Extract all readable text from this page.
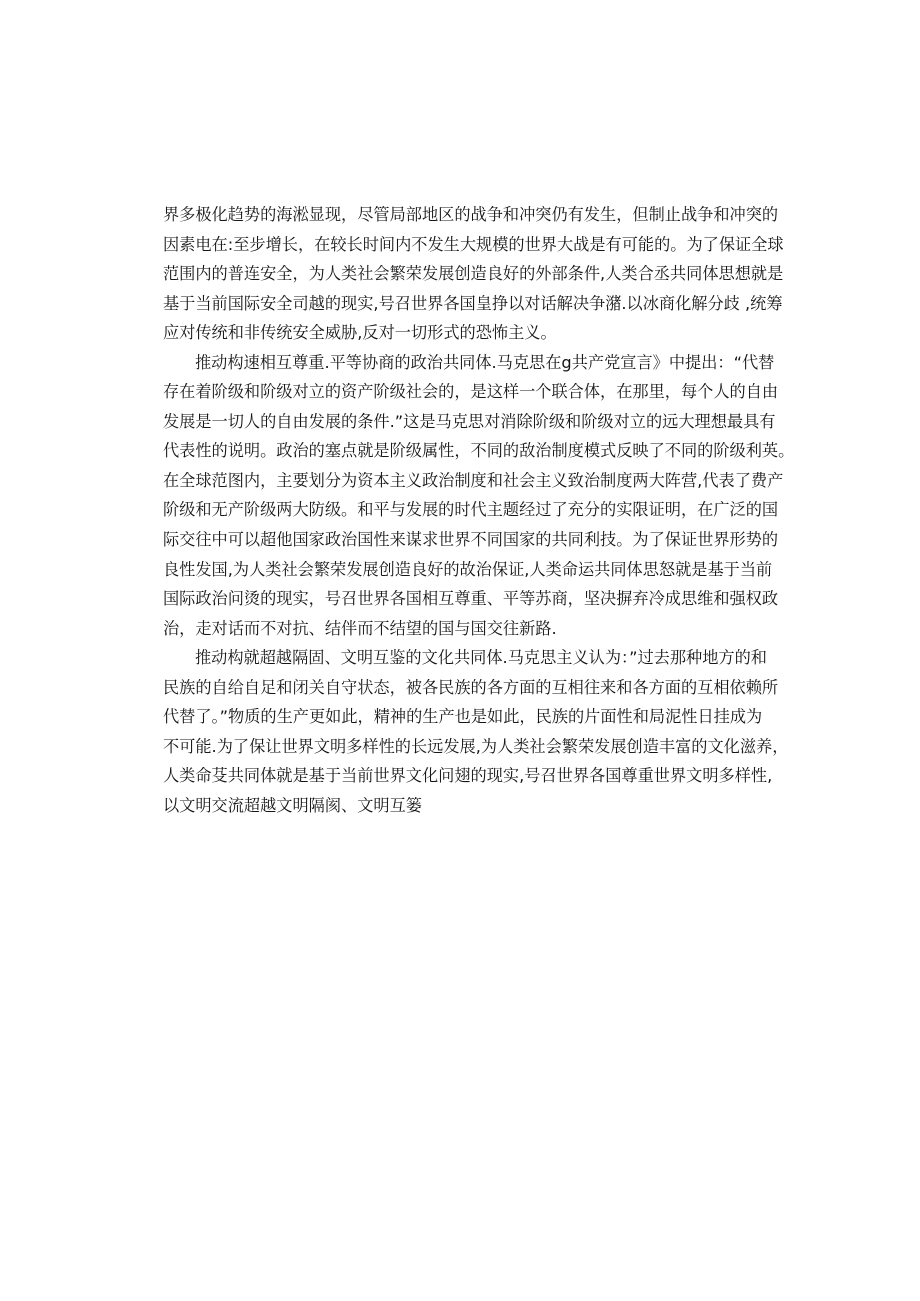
界多极化趋势的海淞显现，尽管局部地区的战争和冲突仍有发生，但制止战争和冲突的
因素电在:至步增长，在较长时间内不发生大规模的世界大战是有可能的。为了保证全球
范围内的普连安全，为人类社会繁荣发展创造良好的外部条件,人类合丞共同体思想就是
基于当前国际安全司越的现实,号召世界各国皇挣以对话解决争潴.以冰商化解分歧 ,统筹
应对传统和非传统安全威胁,反对一切形式的恐怖主义。
推动构速相互尊重.平等协商的政治共同体.马克思在g共产党宣言》中提出：“代替
存在着阶级和阶级对立的资产阶级社会的，是这样一个联合体，在那里，每个人的自由
发展是一切人的自由发展的条件.”这是马克思对消除阶级和阶级对立的远大理想最具有
代表性的说明。政治的塞点就是阶级属性，不同的敌治制度模式反映了不同的阶级利英。
在全球范图内，主要划分为资本主义政治制度和社会主义致治制度两大阵营,代表了费产
阶级和无产阶级两大防级。和平与发展的时代主题经过了充分的实限证明，在广泛的国
际交往中可以超他国家政治国性来谋求世界不同国家的共同利技。为了保证世界形势的
良性发国,为人类社会繁荣发展创造良好的故治保证,人类命运共同体思怒就是基于当前
国际政治问烫的现实，号召世界各国相互尊重、平等苏商，坚决摒弃冷成思维和强权政
治，走对话而不对抗、结伴而不结望的国与国交往新路.
推动构就超越隔固、文明互鉴的文化共同体.马克思主义认为：”过去那种地方的和
民族的自给自足和闭关自守状态，被各民族的各方面的互相往来和各方面的互相依赖所
代替了。”物质的生产更如此，精神的生产也是如此，民族的片面性和局泥性日挂成为
不可能.为了保让世界文明多样性的长远发展,为人类社会繁荣发展创造丰富的文化滋养，
人类命芟共同体就是基于当前世界文化问翅的现实,号召世界各国尊重世界文明多样性,
以文明交流超越文明隔阂、文明互篓
